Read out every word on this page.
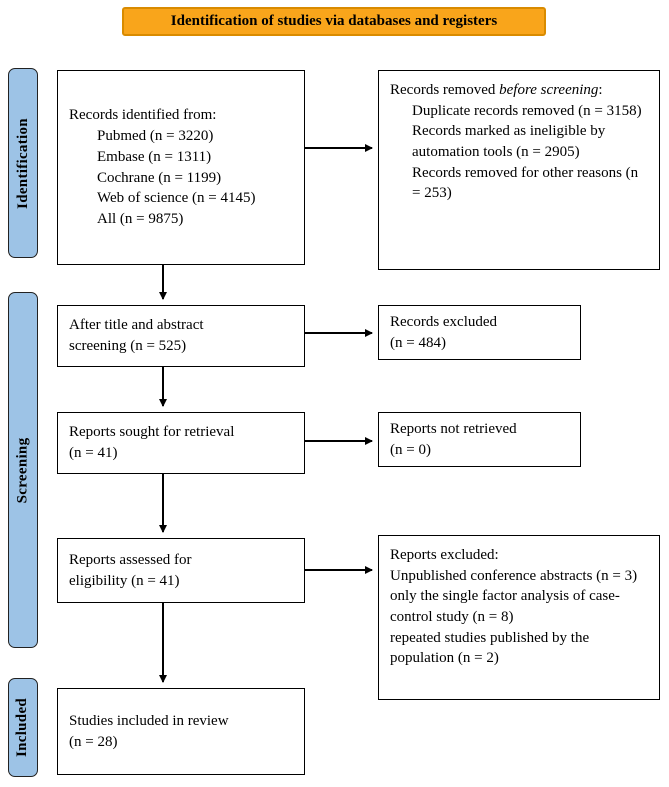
Identification of studies via databases and registers
Identification
Screening
Included
Records identified from:
Pubmed (n = 3220)
Embase (n = 1311)
Cochrane (n = 1199)
Web of science (n = 4145)
All (n = 9875)
Records removed before screening:
Duplicate records removed (n = 3158)
Records marked as ineligible by automation tools (n = 2905)
Records removed for other reasons (n = 253)
After title and abstract
screening (n = 525)
Records excluded
(n = 484)
Reports sought for retrieval
(n = 41)
Reports not retrieved
(n = 0)
Reports assessed for
eligibility (n = 41)
Reports excluded:
Unpublished conference abstracts (n = 3)
only the single factor analysis of case-control study (n = 8)
repeated studies published by the population (n = 2)
Studies included in review
(n = 28)
